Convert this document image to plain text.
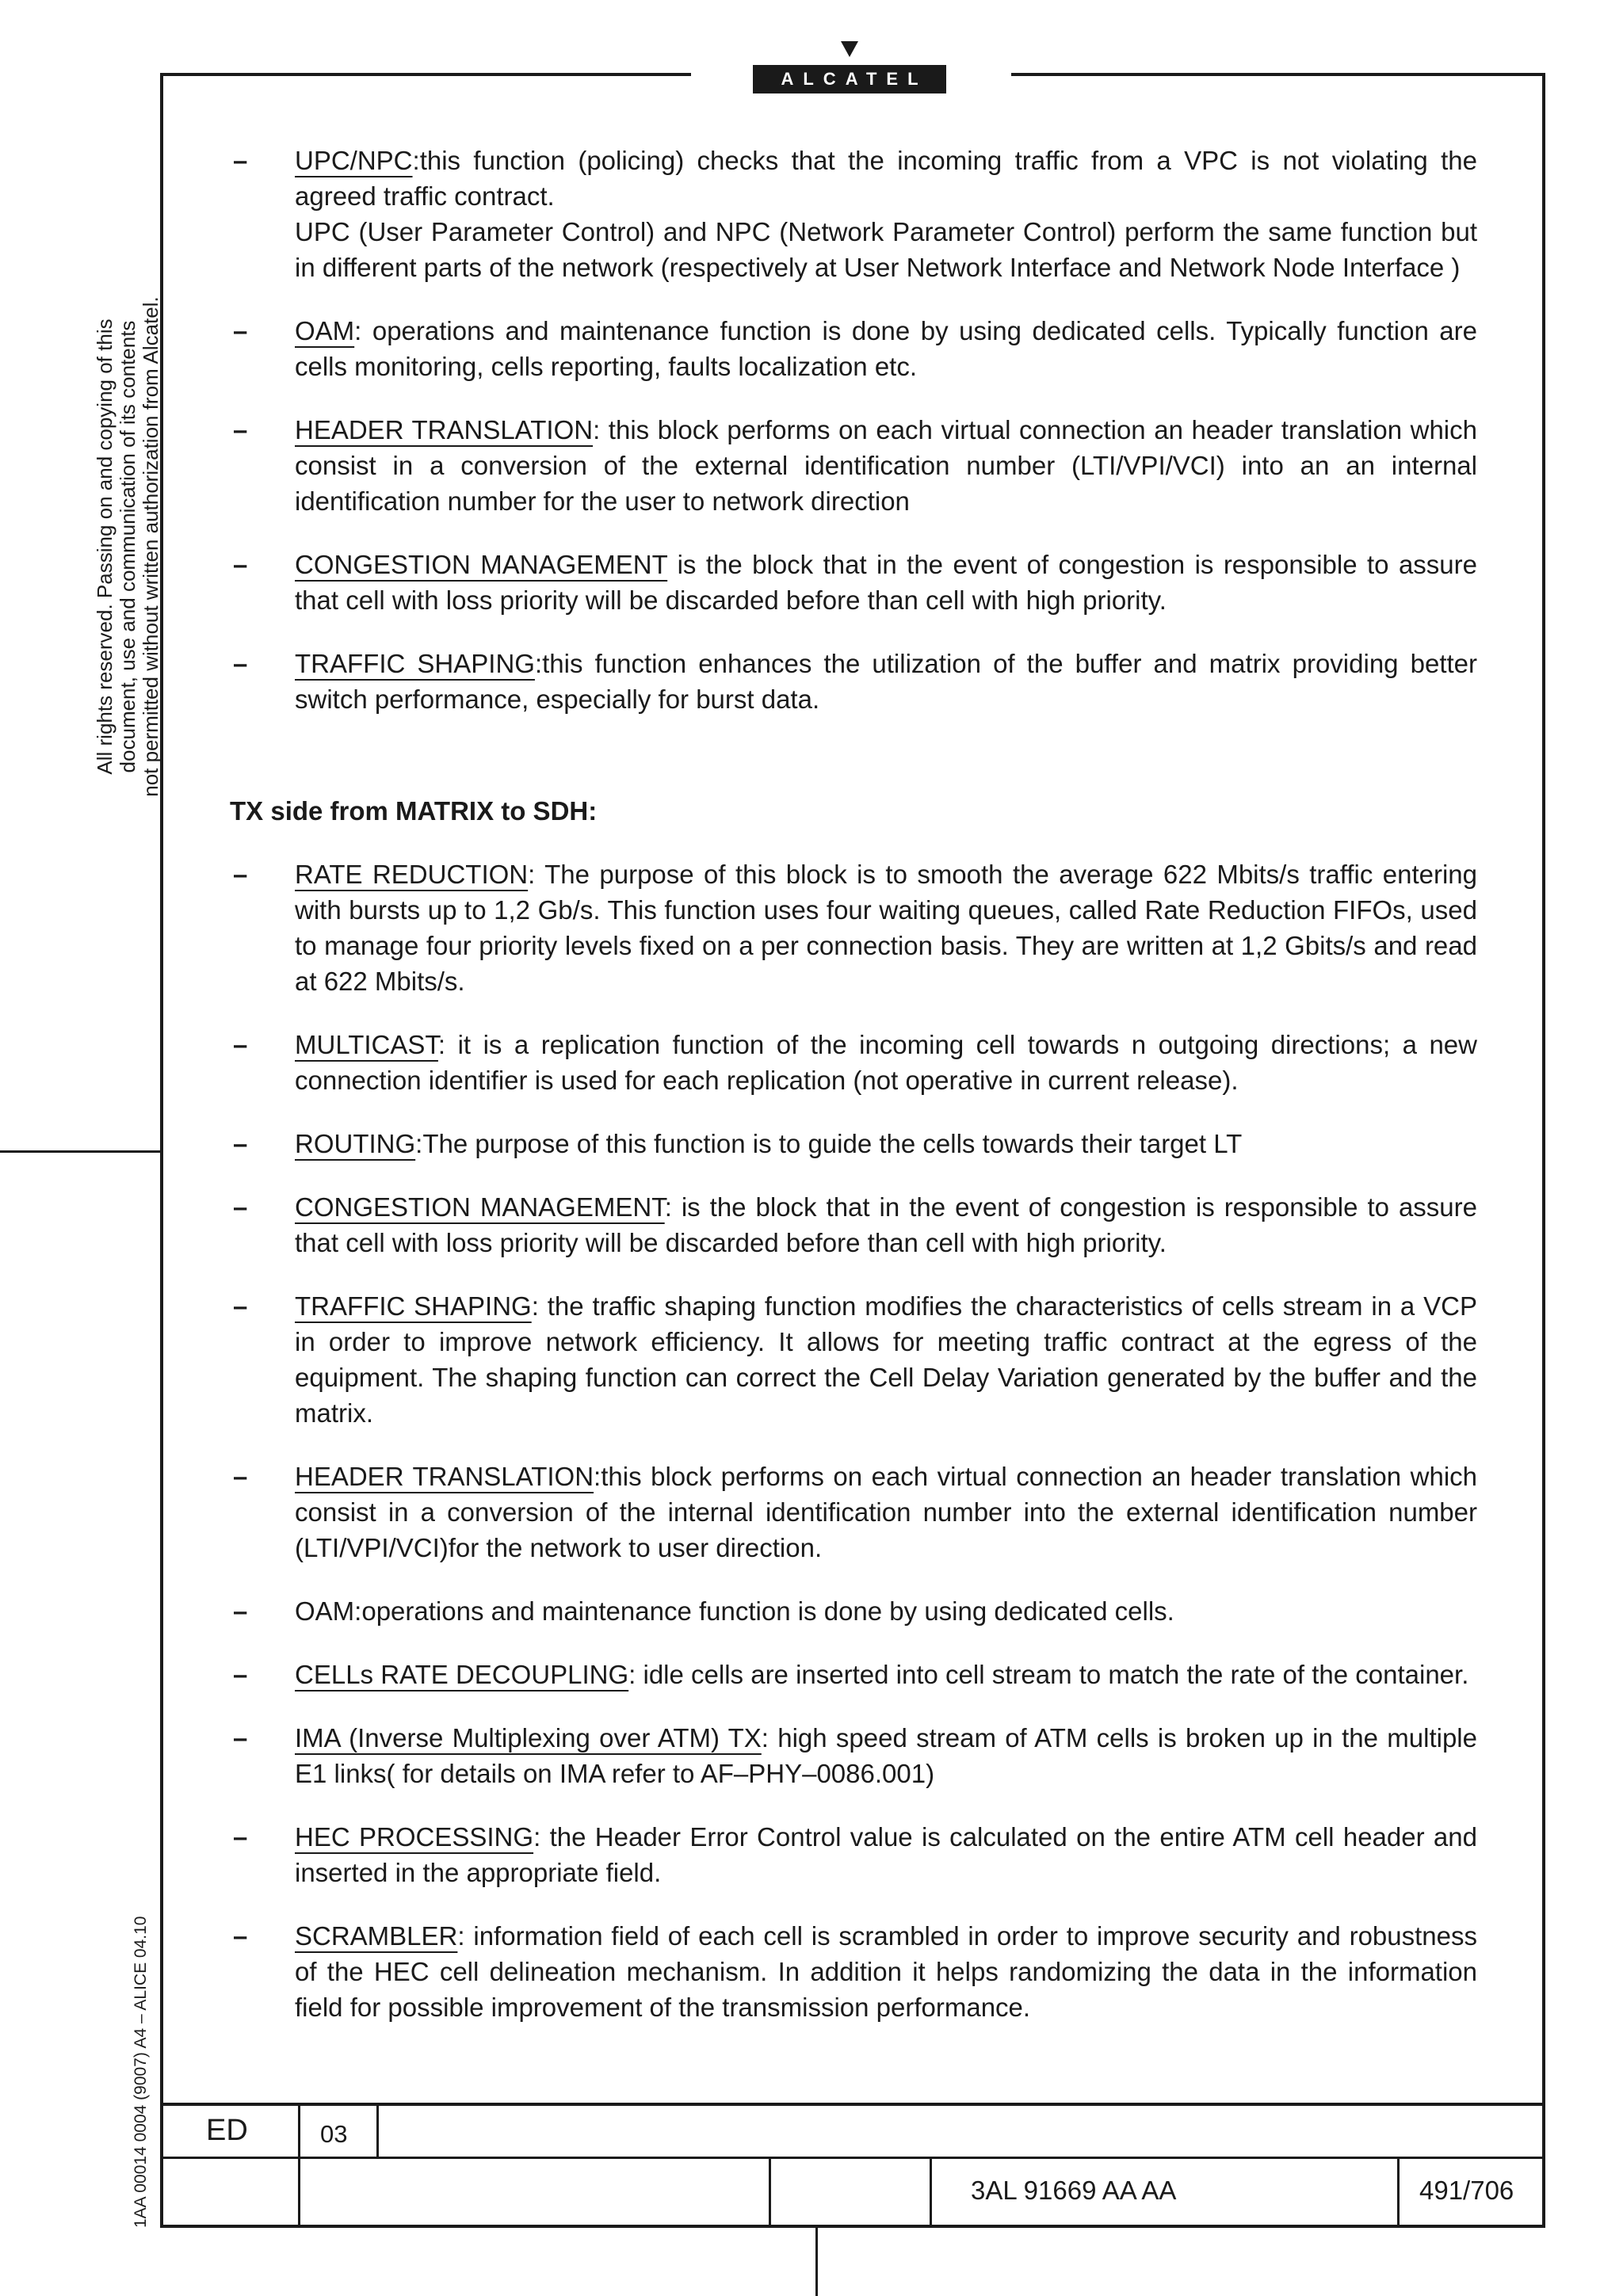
ALCATEL
All rights reserved. Passing on and copying of this document, use and communication of its contents not permitted without written authorization from Alcatel.
1AA 00014 0004 (9007) A4 – ALICE 04.10
– UPC/NPC:this function (policing) checks that the incoming traffic from a VPC is not violating the agreed traffic contract.

UPC (User Parameter Control) and NPC (Network Parameter Control) perform the same function but in different parts of the network (respectively at User Network Interface and Network Node Interface )

– OAM: operations and maintenance function is done by using dedicated cells. Typically function are cells monitoring, cells reporting, faults localization etc.

– HEADER TRANSLATION: this block performs on each virtual connection an header translation which consist in a conversion of the external identification number (LTI/VPI/VCI) into an an internal identification number for the user to network direction

– CONGESTION MANAGEMENT is the block that in the event of congestion is responsible to assure that cell with loss priority will be discarded before than cell with high priority.

– TRAFFIC SHAPING:this function enhances the utilization of the buffer and matrix providing better switch performance, especially for burst data.

TX side from MATRIX to SDH:
– RATE REDUCTION: The purpose of this block is to smooth the average 622 Mbits/s traffic entering with bursts up to 1,2 Gb/s. This function uses four waiting queues, called Rate Reduction FIFOs, used to manage four priority levels fixed on a per connection basis. They are written at 1,2 Gbits/s and read at 622 Mbits/s.

– MULTICAST: it is a replication function of the incoming cell towards n outgoing directions; a new connection identifier is used for each replication (not operative in current release).

– ROUTING:The purpose of this function is to guide the cells towards their target LT

– CONGESTION MANAGEMENT: is the block that in the event of congestion is responsible to assure that cell with loss priority will be discarded before than cell with high priority.

– TRAFFIC SHAPING: the traffic shaping function modifies the characteristics of cells stream in a VCP in order to improve network efficiency. It allows for meeting traffic contract at the egress of the equipment. The shaping function can correct the Cell Delay Variation generated by the buffer and the matrix.

– HEADER TRANSLATION:this block performs on each virtual connection an header translation which consist in a conversion of the internal identification number into the external identification number (LTI/VPI/VCI)for the network to user direction.

– OAM:operations and maintenance function is done by using dedicated cells.

– CELLs RATE DECOUPLING: idle cells are inserted into cell stream to match the rate of the container.

– IMA (Inverse Multiplexing over ATM) TX: high speed stream of ATM cells is broken up in the multiple E1 links( for details on IMA refer to AF–PHY–0086.001)

– HEC PROCESSING: the Header Error Control value is calculated on the entire ATM cell header and inserted in the appropriate field.

– SCRAMBLER: information field of each cell is scrambled in order to improve security and robustness of the HEC cell delineation mechanism. In addition it helps randomizing the data in the information field for possible improvement of the transmission performance.

ED	03
3AL 91669 AA AA	491/706
